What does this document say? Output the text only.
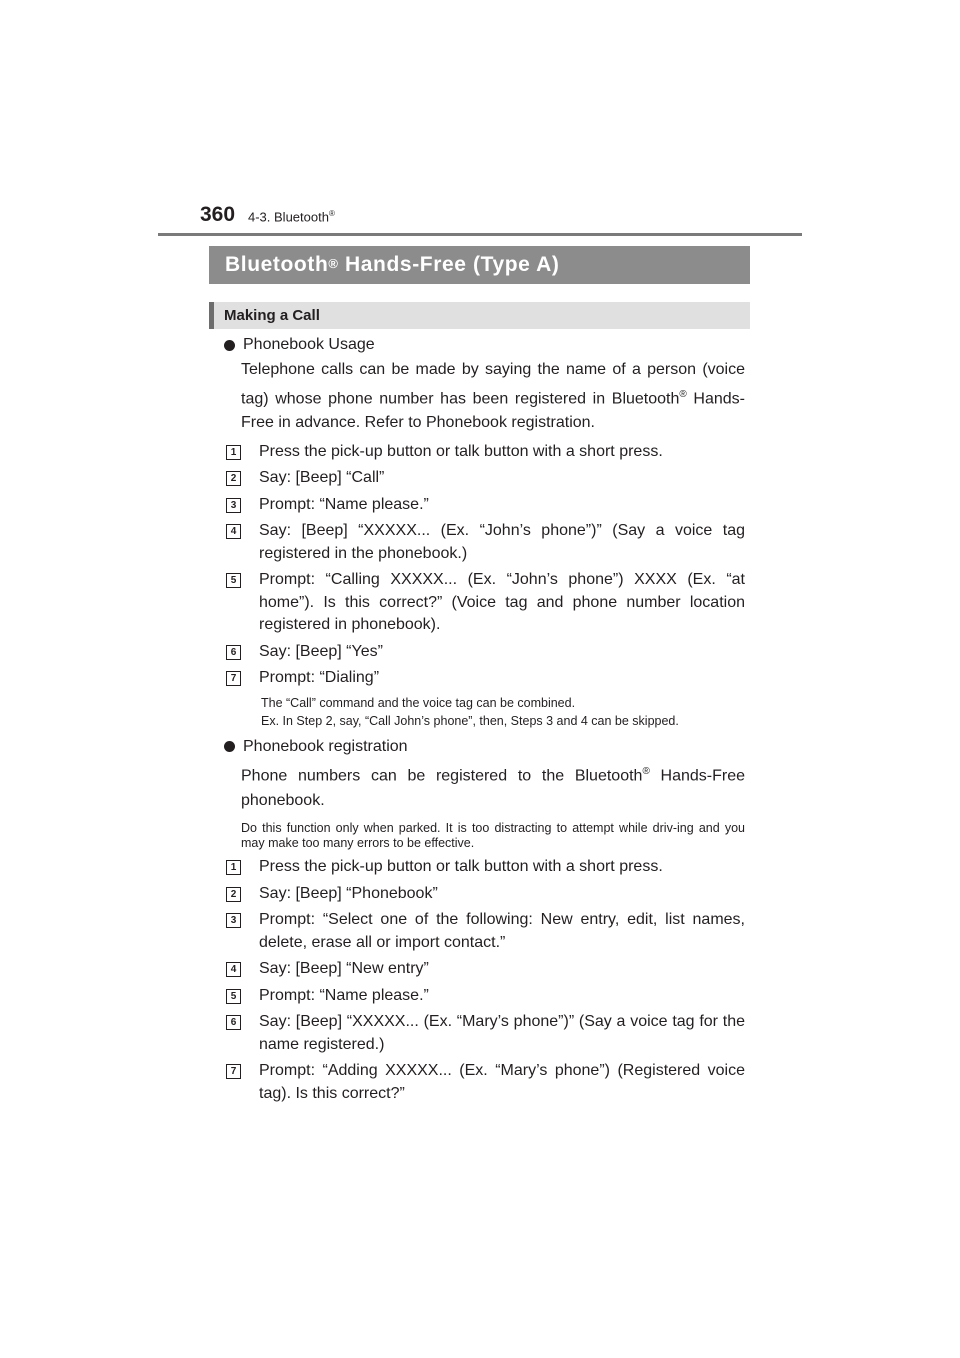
360 4-3. Bluetooth®
Bluetooth® Hands-Free (Type A)
Making a Call
Phonebook Usage
Telephone calls can be made by saying the name of a person (voice tag) whose phone number has been registered in Bluetooth® Hands-Free in advance. Refer to Phonebook registration.
1 Press the pick-up button or talk button with a short press.
2 Say: [Beep] “Call”
3 Prompt: “Name please.”
4 Say: [Beep] “XXXXX... (Ex. “John’s phone”)” (Say a voice tag registered in the phonebook.)
5 Prompt: “Calling XXXXX... (Ex. “John’s phone”) XXXX (Ex. “at home”). Is this correct?” (Voice tag and phone number location registered in phonebook).
6 Say: [Beep] “Yes”
7 Prompt: “Dialing”
The “Call” command and the voice tag can be combined.
Ex. In Step 2, say, “Call John’s phone”, then, Steps 3 and 4 can be skipped.
Phonebook registration
Phone numbers can be registered to the Bluetooth® Hands-Free phonebook.
Do this function only when parked. It is too distracting to attempt while driv-ing and you may make too many errors to be effective.
1 Press the pick-up button or talk button with a short press.
2 Say: [Beep] “Phonebook”
3 Prompt: “Select one of the following: New entry, edit, list names, delete, erase all or import contact.”
4 Say: [Beep] “New entry”
5 Prompt: “Name please.”
6 Say: [Beep] “XXXXX... (Ex. “Mary’s phone”)” (Say a voice tag for the name registered.)
7 Prompt: “Adding XXXXX... (Ex. “Mary’s phone”) (Registered voice tag). Is this correct?”
